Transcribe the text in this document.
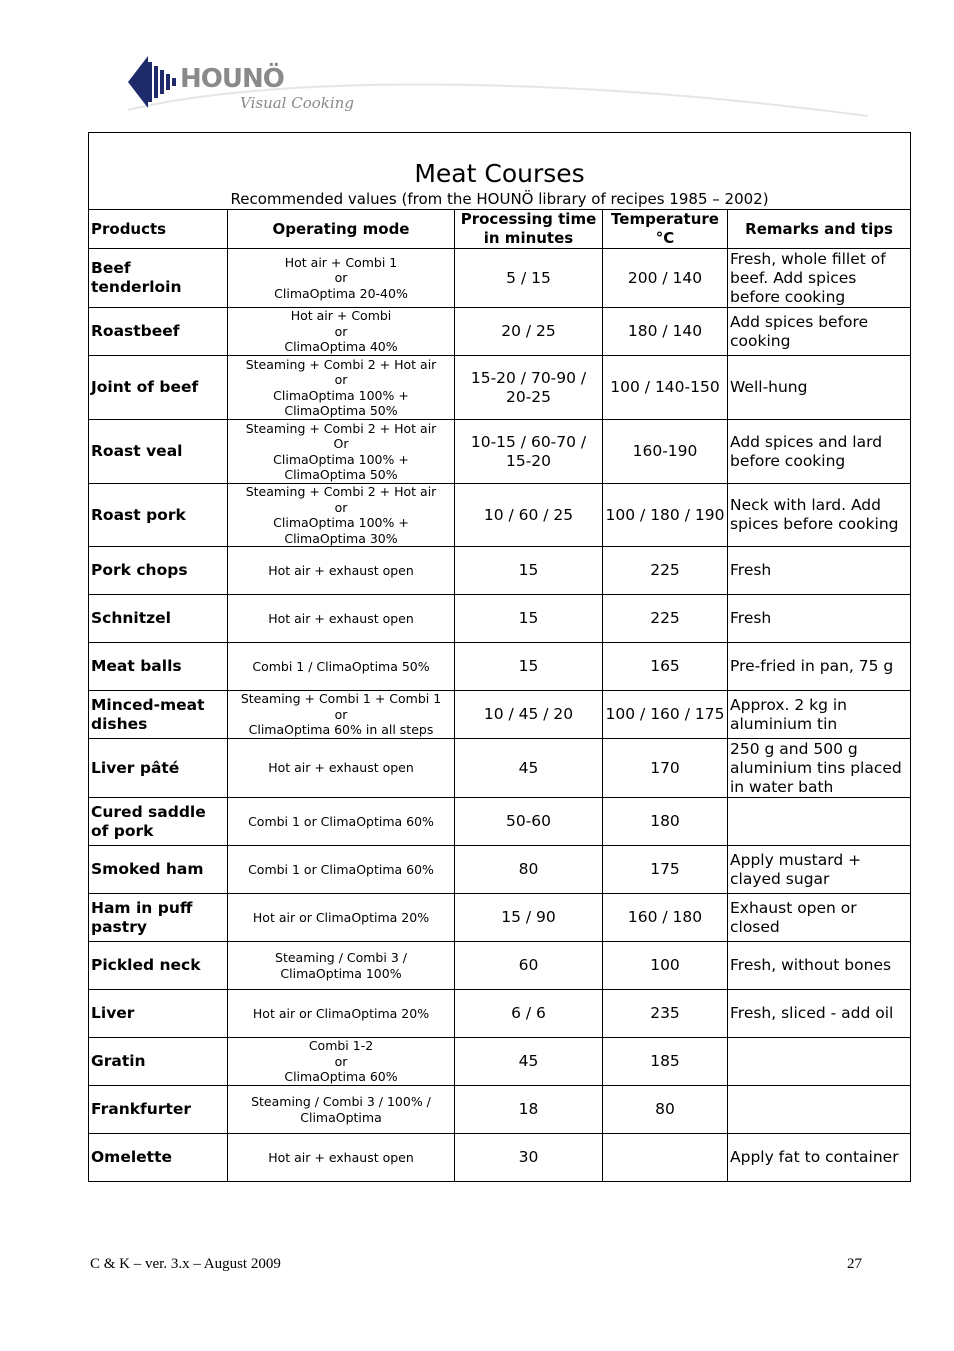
HOUNÖ
Visual Cooking
Meat Courses
Recommended values (from the HOUNÖ library of recipes 1985 – 2002)				

Products	Operating mode	Processing time in minutes	Temperature °C	Remarks and tips
Beef tenderloin	Hot air + Combi 1
or
ClimaOptima 20-40%	5 / 15	200 / 140	Fresh, whole fillet of beef. Add spices before cooking
Roastbeef	Hot air + Combi
or
ClimaOptima 40%	20 / 25	180 / 140	Add spices before cooking
Joint of beef	Steaming + Combi 2 + Hot air
or
ClimaOptima 100% +
ClimaOptima 50%	15-20 / 70-90 / 20-25	100 / 140-150	Well-hung
Roast veal	Steaming + Combi 2 + Hot air
Or
ClimaOptima 100% +
ClimaOptima 50%	10-15 / 60-70 / 15-20	160-190	Add spices and lard before cooking
Roast pork	Steaming + Combi 2 + Hot air
or
ClimaOptima 100% +
ClimaOptima 30%	10 / 60 / 25	100 / 180 / 190	Neck with lard. Add spices before cooking
Pork chops	Hot air + exhaust open	15	225	Fresh
Schnitzel	Hot air + exhaust open	15	225	Fresh
Meat balls	Combi 1 / ClimaOptima 50%	15	165	Pre-fried in pan, 75 g
Minced-meat dishes	Steaming + Combi 1 + Combi 1
or
ClimaOptima 60% in all steps	10 / 45 / 20	100 / 160 / 175	Approx. 2 kg in aluminium tin
Liver pâté	Hot air + exhaust open	45	170	250 g and 500 g aluminium tins placed in water bath
Cured saddle of pork	Combi 1 or ClimaOptima 60%	50-60	180	
Smoked ham	Combi 1 or ClimaOptima 60%	80	175	Apply mustard + clayed sugar
Ham in puff pastry	Hot air or ClimaOptima 20%	15 / 90	160 / 180	Exhaust open or closed
Pickled neck	Steaming / Combi 3 /
ClimaOptima 100%	60	100	Fresh, without bones
Liver	Hot air or ClimaOptima 20%	6 / 6	235	Fresh, sliced - add oil
Gratin	Combi 1-2
or
ClimaOptima 60%	45	185	
Frankfurter	Steaming / Combi 3 / 100% /
ClimaOptima	18	80	
Omelette	Hot air + exhaust open	30		Apply fat to container
C & K – ver. 3.x – August 2009	27
